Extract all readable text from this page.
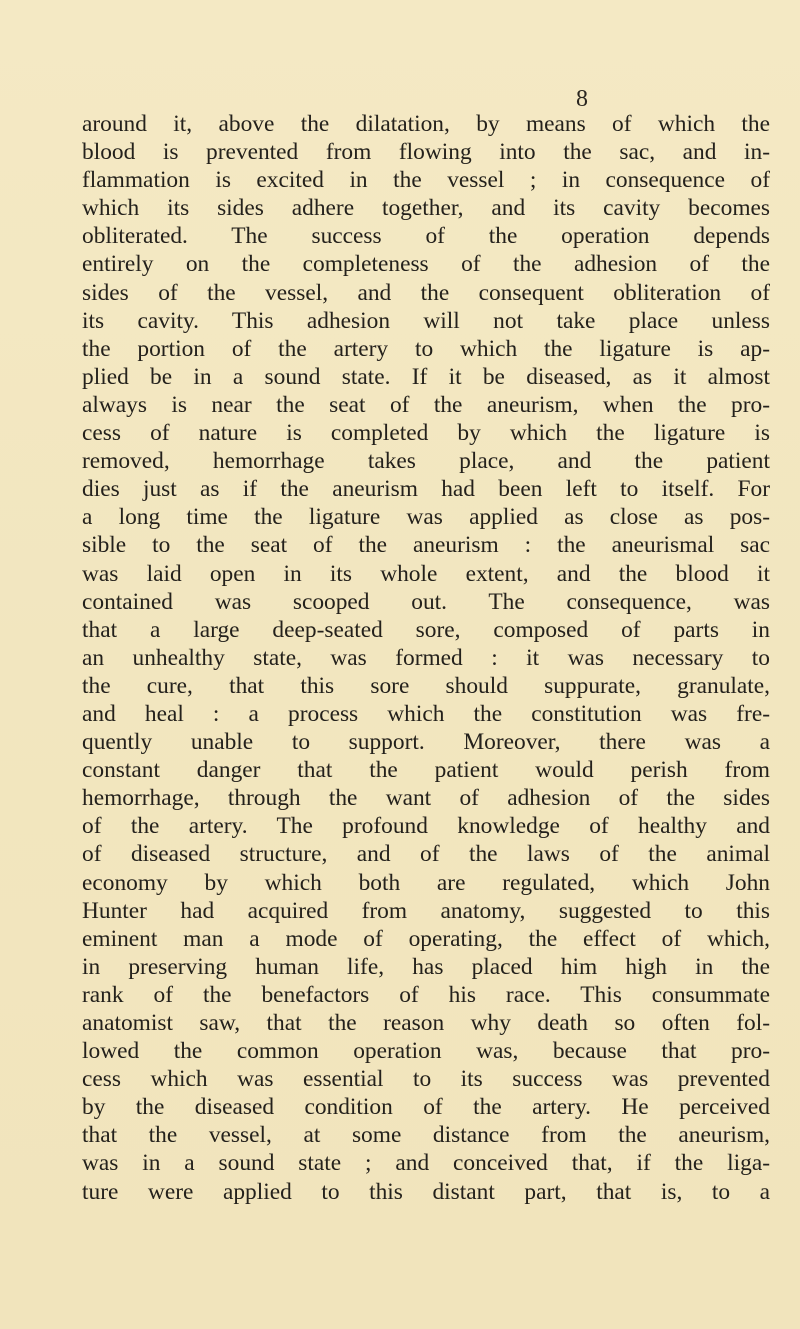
8
around it, above the dilatation, by means of which the
blood is prevented from flowing into the sac, and in-
flammation is excited in the vessel ; in consequence of
which its sides adhere together, and its cavity becomes
obliterated. The success of the operation depends
entirely on the completeness of the adhesion of the
sides of the vessel, and the consequent obliteration of
its cavity. This adhesion will not take place unless
the portion of the artery to which the ligature is ap-
plied be in a sound state. If it be diseased, as it almost
always is near the seat of the aneurism, when the pro-
cess of nature is completed by which the ligature is
removed, hemorrhage takes place, and the patient
dies just as if the aneurism had been left to itself. For
a long time the ligature was applied as close as pos-
sible to the seat of the aneurism : the aneurismal sac
was laid open in its whole extent, and the blood it
contained was scooped out. The consequence, was
that a large deep-seated sore, composed of parts in
an unhealthy state, was formed : it was necessary to
the cure, that this sore should suppurate, granulate,
and heal : a process which the constitution was fre-
quently unable to support. Moreover, there was a
constant danger that the patient would perish from
hemorrhage, through the want of adhesion of the sides
of the artery. The profound knowledge of healthy and
of diseased structure, and of the laws of the animal
economy by which both are regulated, which John
Hunter had acquired from anatomy, suggested to this
eminent man a mode of operating, the effect of which,
in preserving human life, has placed him high in the
rank of the benefactors of his race. This consummate
anatomist saw, that the reason why death so often fol-
lowed the common operation was, because that pro-
cess which was essential to its success was prevented
by the diseased condition of the artery. He perceived
that the vessel, at some distance from the aneurism,
was in a sound state ; and conceived that, if the liga-
ture were applied to this distant part, that is, to a
